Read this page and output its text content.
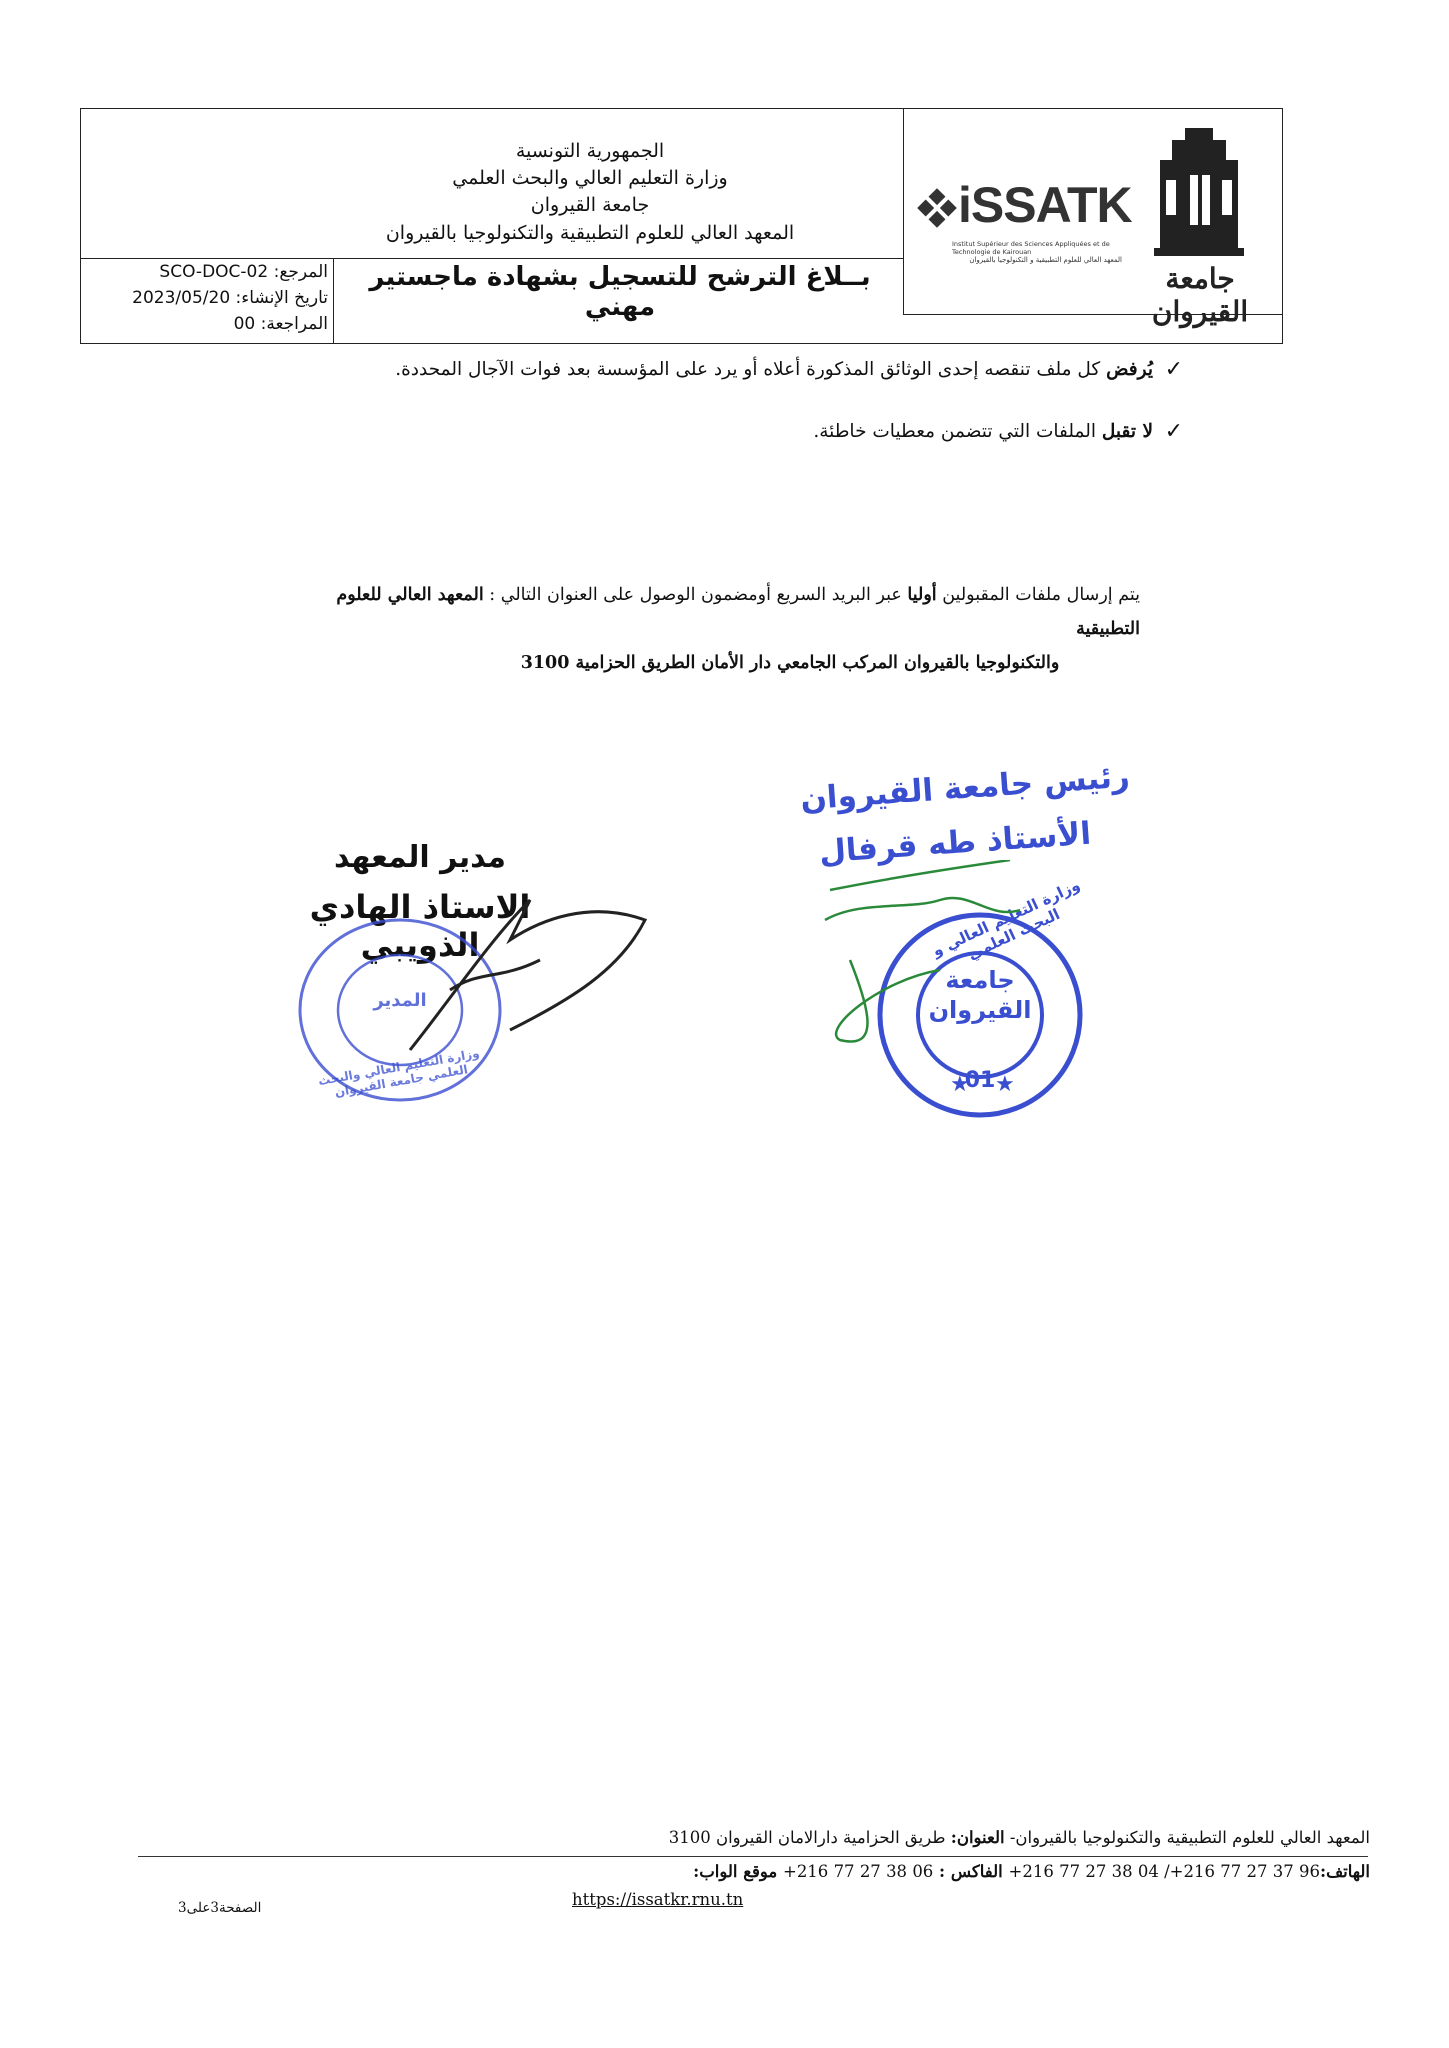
الجمهورية التونسية
وزارة التعليم العالي والبحث العلمي
جامعة القيروان
المعهد العالي للعلوم التطبيقية والتكنولوجيا بالقيروان	iSSATK
Institut Supérieur des Sciences Appliquées et de Technologie de Kairouan
المعهد العالي للعلوم التطبيقية و التكنولوجيا بالقيروان
جامعة القيروان
بــلاغ الترشح للتسجيل بشهادة ماجستير مهني
المرجع: SCO-DOC-02
تاريخ الإنشاء: 2023/05/20
المراجعة: 00
✓
يُرفض كل ملف تنقصه إحدى الوثائق المذكورة أعلاه أو يرد على المؤسسة بعد فوات الآجال المحددة.
✓
لا تقبل الملفات التي تتضمن معطيات خاطئة.
يتم إرسال ملفات المقبولين أوليا عبر البريد السريع أومضمون الوصول على العنوان التالي : المعهد العالي للعلوم التطبيقية
والتكنولوجيا بالقيروان المركب الجامعي دار الأمان الطريق الحزامية 3100
رئيس جامعة القيروان
الأستاذ طه قرفال
★ ★
جامعة القيروان
وزارة التعليم العالي و البحث العلمي
01
مدير المعهد
الاستاذ الهادي الذويبي
المدير
وزارة التعليم العالي والبحث العلمي جامعة القيروان
المعهد العالي للعلوم التطبيقية والتكنولوجيا بالقيروان- العنوان: طريق الحزامية دارالامان القيروان 3100
الهاتف:96 37 27 77 216+/ 04 38 27 77 216+ الفاكس : 06 38 27 77 216+ موقع الواب:
https://issatkr.rnu.tn
الصفحة3على3
